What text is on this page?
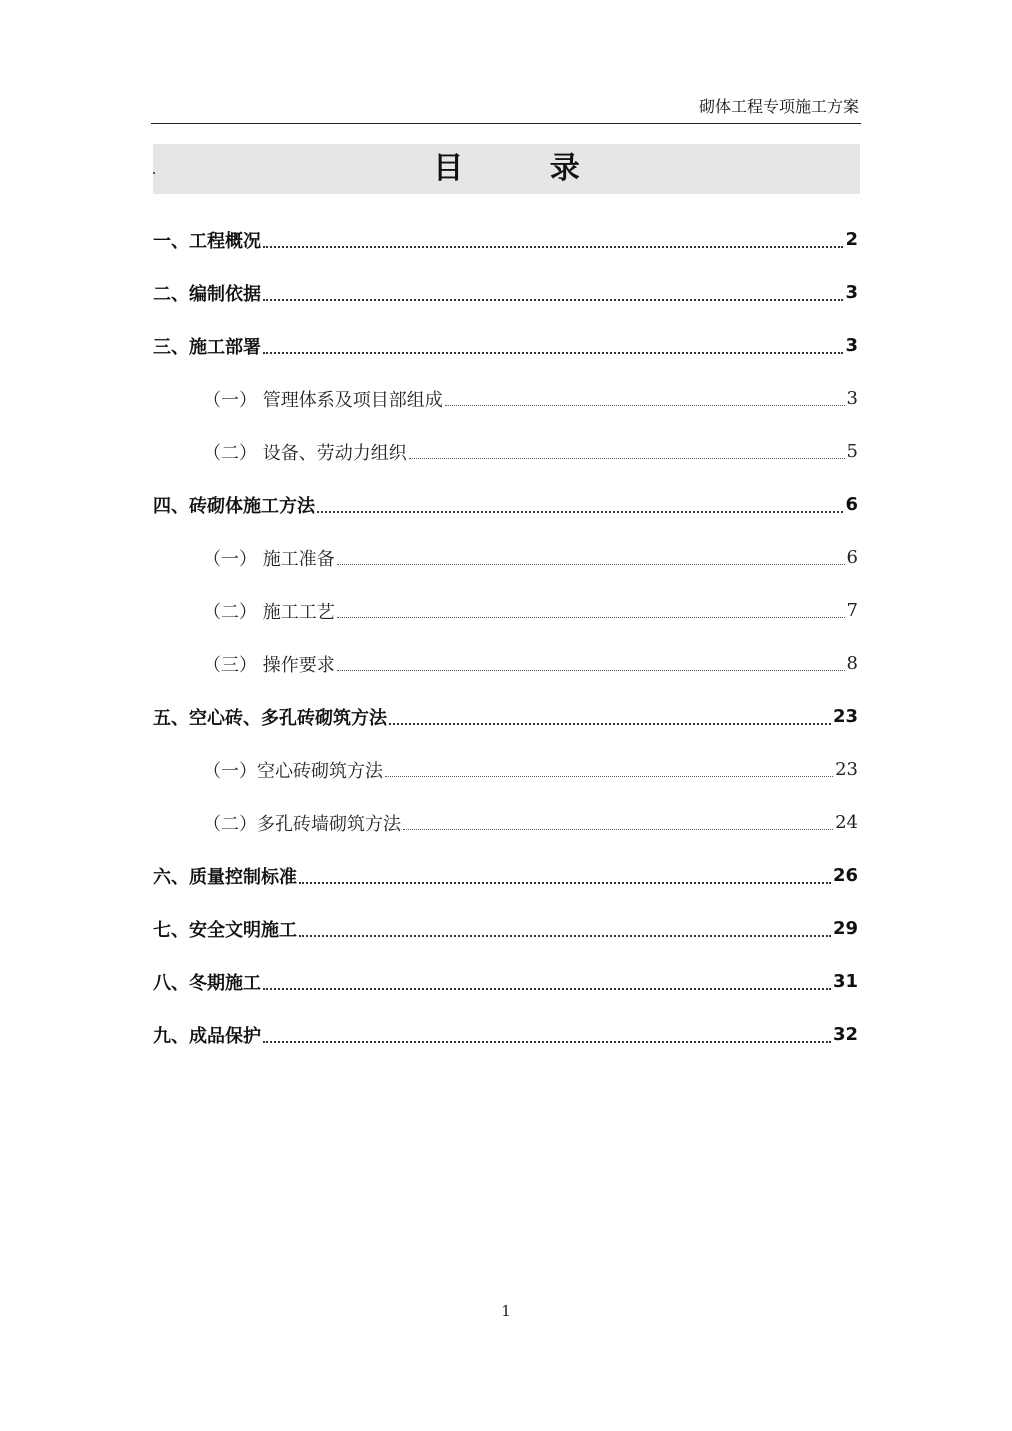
砌体工程专项施工方案
目 录
一、工程概况	2
二、编制依据	3
三、施工部署	3
（一） 管理体系及项目部组成	3
（二） 设备、劳动力组织	5
四、砖砌体施工方法	6
（一） 施工准备	6
（二） 施工工艺	7
（三） 操作要求	8
五、空心砖、多孔砖砌筑方法	23
（一）空心砖砌筑方法	23
（二）多孔砖墙砌筑方法	24
六、质量控制标准	26
七、安全文明施工	29
八、冬期施工	31
九、成品保护	32
1
